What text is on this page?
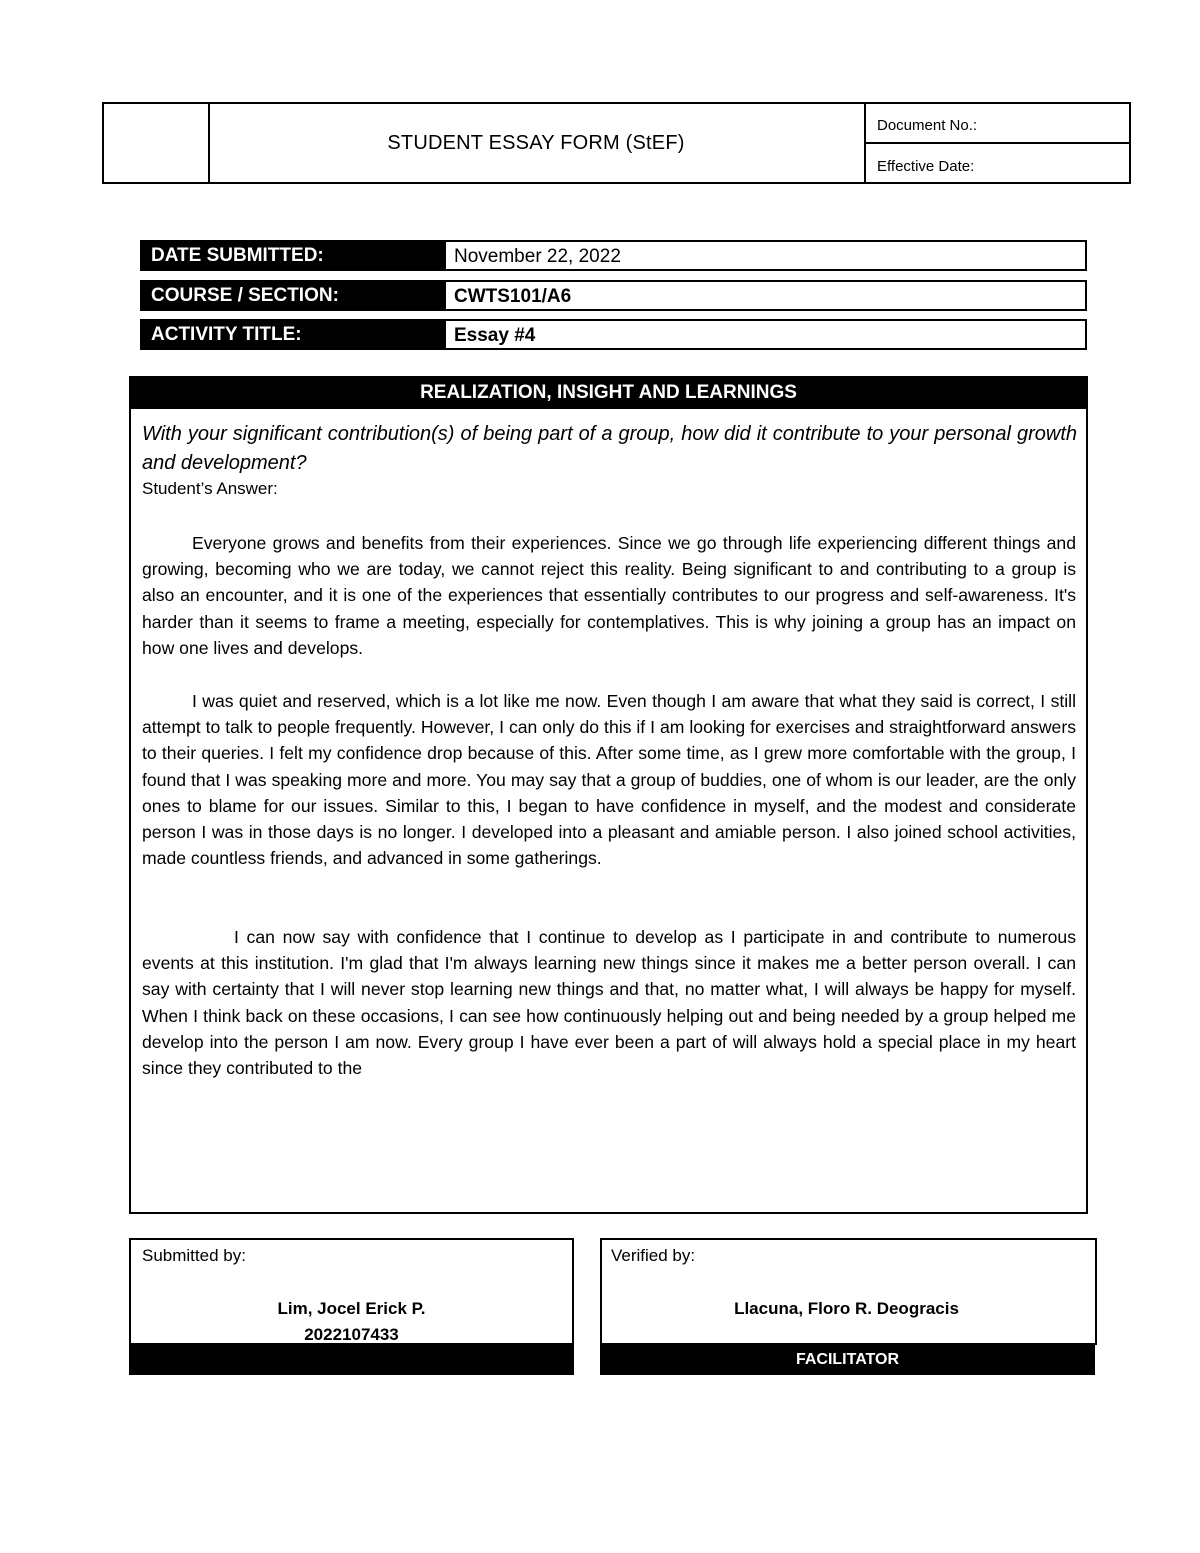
STUDENT ESSAY FORM (StEF)
Document No.:
Effective Date:
DATE SUBMITTED:	November 22, 2022
COURSE / SECTION:	CWTS101/A6
ACTIVITY TITLE:	Essay #4
REALIZATION, INSIGHT AND LEARNINGS
With your significant contribution(s) of being part of a group, how did it contribute to your personal growth and development?
Student’s Answer:
Everyone grows and benefits from their experiences. Since we go through life experiencing different things and growing, becoming who we are today, we cannot reject this reality. Being significant to and contributing to a group is also an encounter, and it is one of the experiences that essentially contributes to our progress and self-awareness. It's harder than it seems to frame a meeting, especially for contemplatives. This is why joining a group has an impact on how one lives and develops.
I was quiet and reserved, which is a lot like me now. Even though I am aware that what they said is correct, I still attempt to talk to people frequently. However, I can only do this if I am looking for exercises and straightforward answers to their queries. I felt my confidence drop because of this. After some time, as I grew more comfortable with the group, I found that I was speaking more and more. You may say that a group of buddies, one of whom is our leader, are the only ones to blame for our issues. Similar to this, I began to have confidence in myself, and the modest and considerate person I was in those days is no longer. I developed into a pleasant and amiable person. I also joined school activities, made countless friends, and advanced in some gatherings.
I can now say with confidence that I continue to develop as I participate in and contribute to numerous events at this institution. I'm glad that I'm always learning new things since it makes me a better person overall. I can say with certainty that I will never stop learning new things and that, no matter what, I will always be happy for myself. When I think back on these occasions, I can see how continuously helping out and being needed by a group helped me develop into the person I am now. Every group I have ever been a part of will always hold a special place in my heart since they contributed to the
Submitted by:
Lim, Jocel Erick P.
2022107433
Verified by:
Llacuna, Floro R. Deogracis
FACILITATOR
